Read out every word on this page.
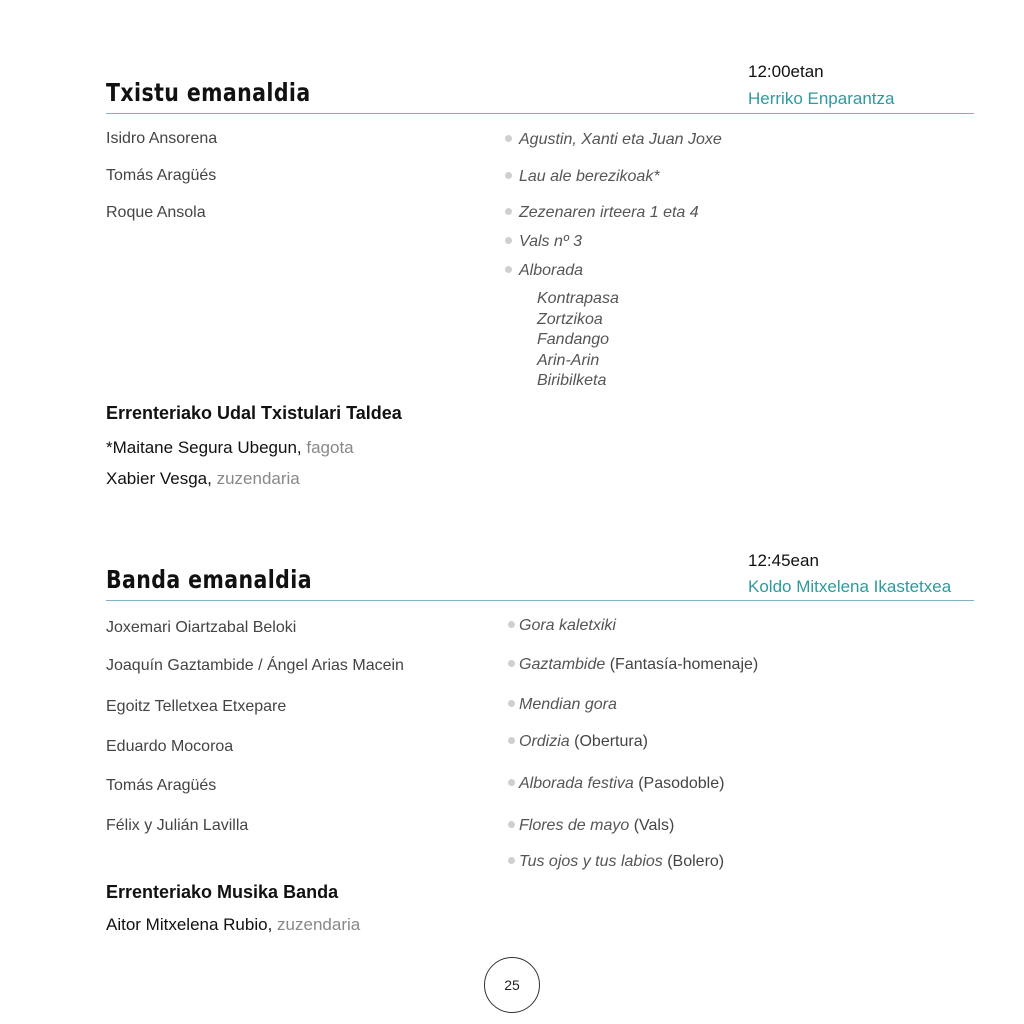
12:00etan
Txistu emanaldia	Herriko Enparantza
Isidro Ansorena
Tomás Aragüés
Roque Ansola
Agustin, Xanti eta Juan Joxe
Lau ale berezikoak*
Zezenaren irteera 1 eta 4
Vals nº 3
Alborada
Kontrapasa
Zortzikoa
Fandango
Arin-Arin
Biribilketa
Errenteriako Udal Txistulari Taldea
*Maitane Segura Ubegun, fagota
Xabier Vesga, zuzendaria
12:45ean
Banda emanaldia	Koldo Mitxelena Ikastetxea
Joxemari Oiartzabal Beloki
Joaquín Gaztambide / Ángel Arias Macein
Egoitz Telletxea Etxepare
Eduardo Mocoroa
Tomás Aragüés
Félix y Julián Lavilla
Gora kaletxiki
Gaztambide (Fantasía-homenaje)
Mendian gora
Ordizia (Obertura)
Alborada festiva (Pasodoble)
Flores de mayo (Vals)
Tus ojos y tus labios (Bolero)
Errenteriako Musika Banda
Aitor Mitxelena Rubio, zuzendaria
25
